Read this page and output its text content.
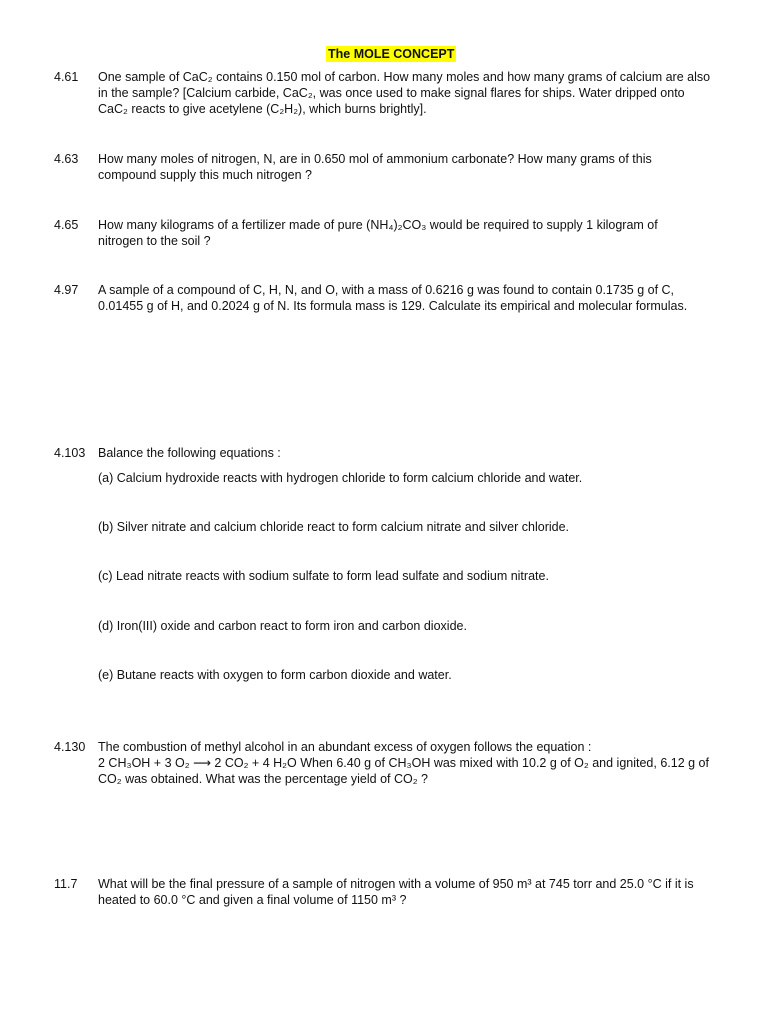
The MOLE CONCEPT
4.61 One sample of CaC₂ contains 0.150 mol of carbon. How many moles and how many grams of calcium are also
in the sample? [Calcium carbide, CaC₂, was once used to make signal flares for ships. Water dripped onto
CaC₂ reacts to give acetylene (C₂H₂), which burns brightly].
4.63 How many moles of nitrogen, N, are in 0.650 mol of ammonium carbonate? How many grams of this
compound supply this much nitrogen ?
4.65 How many kilograms of a fertilizer made of pure (NH₄)₂CO₃ would be required to supply 1 kilogram of
nitrogen to the soil ?
4.97 A sample of a compound of C, H, N, and O, with a mass of 0.6216 g was found to contain 0.1735 g of C,
0.01455 g of H, and 0.2024 g of N. Its formula mass is 129. Calculate its empirical and molecular formulas.
4.103 Balance the following equations :
(a) Calcium hydroxide reacts with hydrogen chloride to form calcium chloride and water.
(b) Silver nitrate and calcium chloride react to form calcium nitrate and silver chloride.
(c) Lead nitrate reacts with sodium sulfate to form lead sulfate and sodium nitrate.
(d) Iron(III) oxide and carbon react to form iron and carbon dioxide.
(e) Butane reacts with oxygen to form carbon dioxide and water.
4.130 The combustion of methyl alcohol in an abundant excess of oxygen follows the equation :
2 CH₃OH + 3 O₂ ⟶ 2 CO₂ + 4 H₂O When 6.40 g of CH₃OH was mixed with 10.2 g of O₂ and ignited, 6.12 g of
CO₂ was obtained. What was the percentage yield of CO₂ ?
11.7 What will be the final pressure of a sample of nitrogen with a volume of 950 m³ at 745 torr and 25.0 °C if it is
heated to 60.0 °C and given a final volume of 1150 m³ ?
